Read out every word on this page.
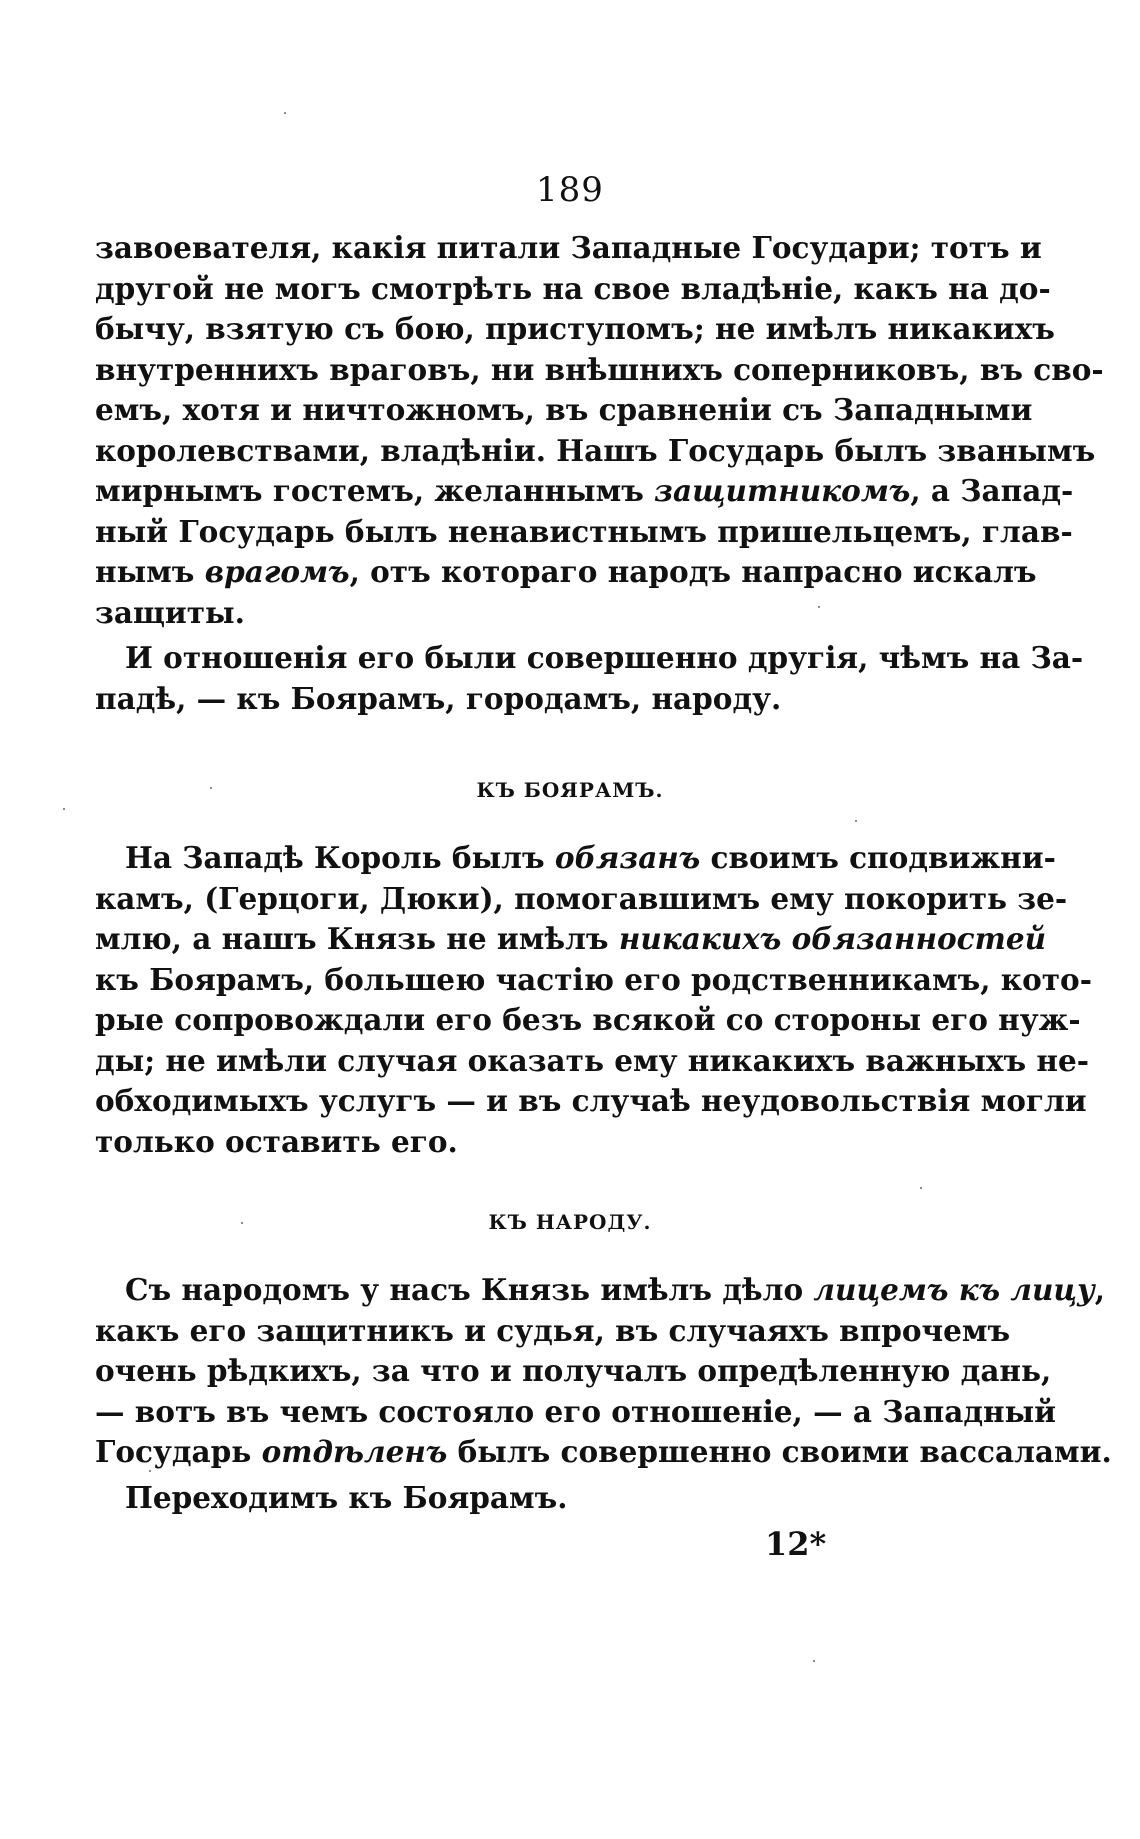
189
завоевателя, какія питали Западные Государи; тотъ и
другой не могъ смотрѣть на свое владѣніе, какъ на до-
бычу, взятую съ бою, приступомъ; не имѣлъ никакихъ
внутреннихъ враговъ, ни внѣшнихъ соперниковъ, въ сво-
емъ, хотя и ничтожномъ, въ сравненіи съ Западными
королевствами, владѣніи. Нашъ Государь былъ званымъ
мирнымъ гостемъ, желаннымъ защитникомъ, а Запад-
ный Государь былъ ненавистнымъ пришельцемъ, глав-
нымъ врагомъ, отъ котораго народъ напрасно искалъ
защиты.
И отношенія его были совершенно другія, чѣмъ на За-
падѣ, — къ Боярамъ, городамъ, народу.
КЪ БОЯРАМЪ.
На Западѣ Король былъ обязанъ своимъ сподвижни-
камъ, (Герцоги, Дюки), помогавшимъ ему покорить зе-
млю, а нашъ Князь не имѣлъ никакихъ обязанностей
къ Боярамъ, большею частію его родственникамъ, кото-
рые сопровождали его безъ всякой со стороны его нуж-
ды; не имѣли случая оказать ему никакихъ важныхъ не-
обходимыхъ услугъ — и въ случаѣ неудовольствія могли
только оставить его.
КЪ НАРОДУ.
Съ народомъ у насъ Князь имѣлъ дѣло лицемъ къ лицу,
какъ его защитникъ и судья, въ случаяхъ впрочемъ
очень рѣдкихъ, за что и получалъ опредѣленную дань,
— вотъ въ чемъ состояло его отношеніе, — а Западный
Государь отдѣленъ былъ совершенно своими вассалами.
Переходимъ къ Боярамъ.
12*
